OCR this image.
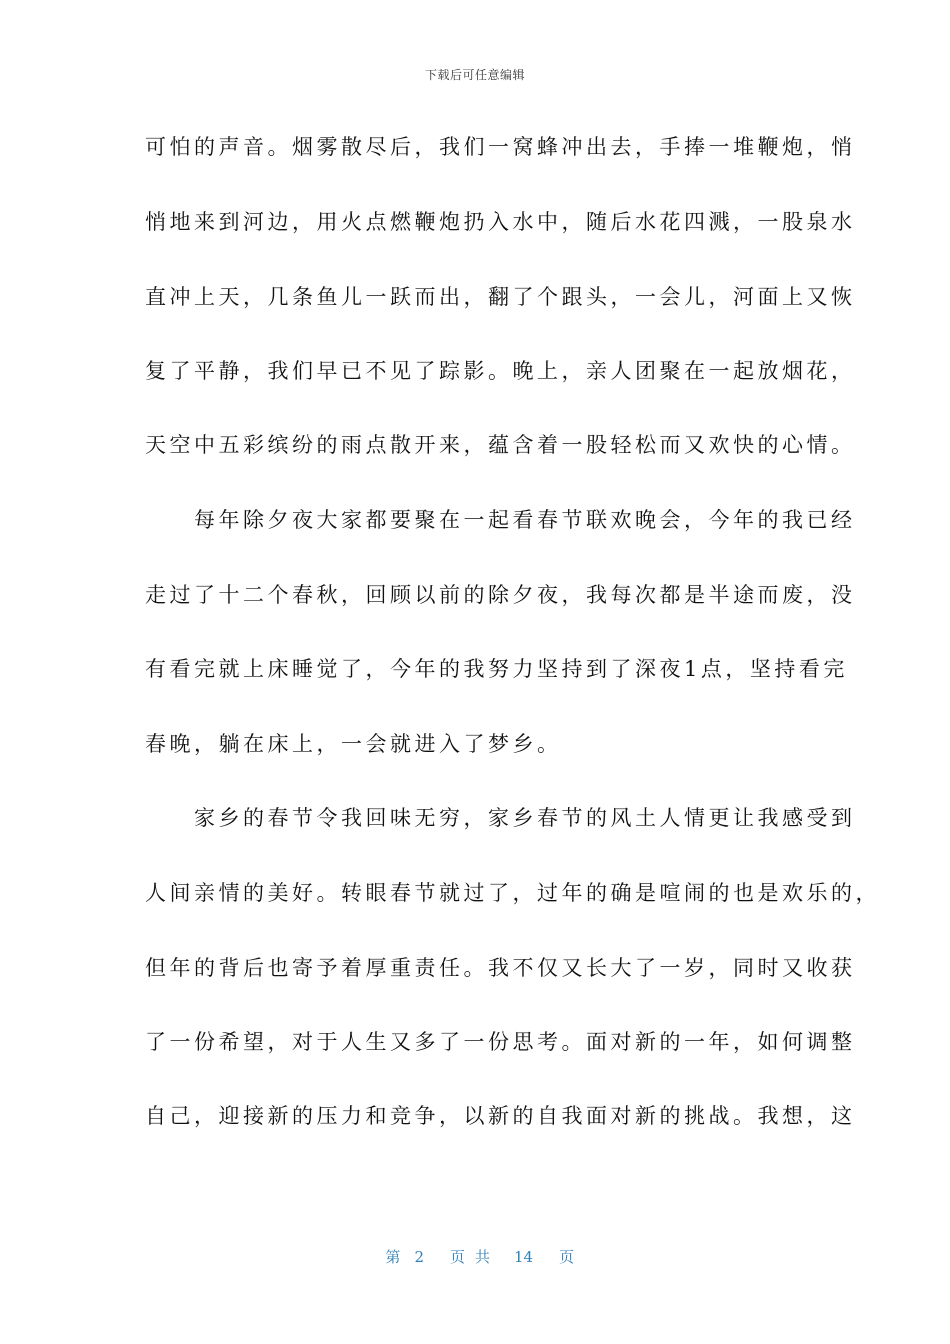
下载后可任意编辑
可怕的声音。烟雾散尽后，我们一窝蜂冲出去，手捧一堆鞭炮，悄
悄地来到河边，用火点燃鞭炮扔入水中，随后水花四溅，一股泉水
直冲上天，几条鱼儿一跃而出，翻了个跟头，一会儿，河面上又恢
复了平静，我们早已不见了踪影。晚上，亲人团聚在一起放烟花，
天空中五彩缤纷的雨点散开来，蕴含着一股轻松而又欢快的心情。
　　每年除夕夜大家都要聚在一起看春节联欢晚会，今年的我已经
走过了十二个春秋，回顾以前的除夕夜，我每次都是半途而废，没
有看完就上床睡觉了，今年的我努力坚持到了深夜1点，坚持看完
春晚，躺在床上，一会就进入了梦乡。
　　家乡的春节令我回味无穷，家乡春节的风土人情更让我感受到
人间亲情的美好。转眼春节就过了，过年的确是喧闹的也是欢乐的，
但年的背后也寄予着厚重责任。我不仅又长大了一岁，同时又收获
了一份希望，对于人生又多了一份思考。面对新的一年，如何调整
自己，迎接新的压力和竞争，以新的自我面对新的挑战。我想，这

第 2 页共 14 页
